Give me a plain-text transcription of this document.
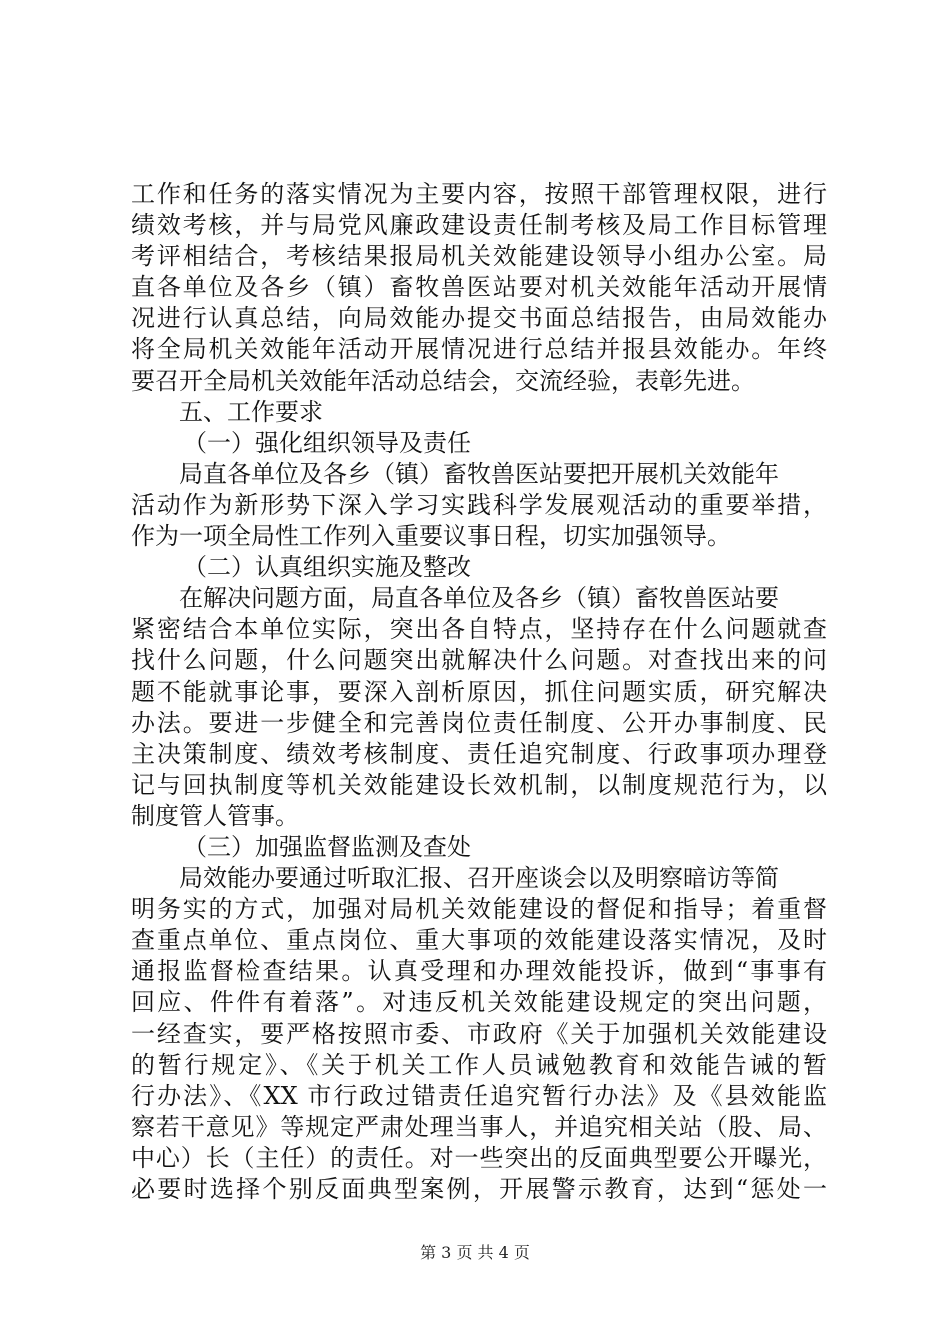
工作和任务的落实情况为主要内容，按照干部管理权限，进行
绩效考核，并与局党风廉政建设责任制考核及局工作目标管理
考评相结合，考核结果报局机关效能建设领导小组办公室。局
直各单位及各乡（镇）畜牧兽医站要对机关效能年活动开展情
况进行认真总结，向局效能办提交书面总结报告，由局效能办
将全局机关效能年活动开展情况进行总结并报县效能办。年终
要召开全局机关效能年活动总结会，交流经验，表彰先进。
五、工作要求
（一）强化组织领导及责任
局直各单位及各乡（镇）畜牧兽医站要把开展机关效能年
活动作为新形势下深入学习实践科学发展观活动的重要举措，
作为一项全局性工作列入重要议事日程，切实加强领导。
（二）认真组织实施及整改
在解决问题方面，局直各单位及各乡（镇）畜牧兽医站要
紧密结合本单位实际，突出各自特点，坚持存在什么问题就查
找什么问题，什么问题突出就解决什么问题。对查找出来的问
题不能就事论事，要深入剖析原因，抓住问题实质，研究解决
办法。要进一步健全和完善岗位责任制度、公开办事制度、民
主决策制度、绩效考核制度、责任追究制度、行政事项办理登
记与回执制度等机关效能建设长效机制，以制度规范行为，以
制度管人管事。
（三）加强监督监测及查处
局效能办要通过听取汇报、召开座谈会以及明察暗访等简
明务实的方式，加强对局机关效能建设的督促和指导；着重督
查重点单位、重点岗位、重大事项的效能建设落实情况，及时
通报监督检查结果。认真受理和办理效能投诉，做到“事事有
回应、件件有着落”。对违反机关效能建设规定的突出问题，
一经查实，要严格按照市委、市政府《关于加强机关效能建设
的暂行规定》、《关于机关工作人员诫勉教育和效能告诫的暂
行办法》、《XX 市行政过错责任追究暂行办法》及《县效能监
察若干意见》等规定严肃处理当事人，并追究相关站（股、局、
中心）长（主任）的责任。对一些突出的反面典型要公开曝光，
必要时选择个别反面典型案例，开展警示教育，达到“惩处一
第 3 页 共 4 页
